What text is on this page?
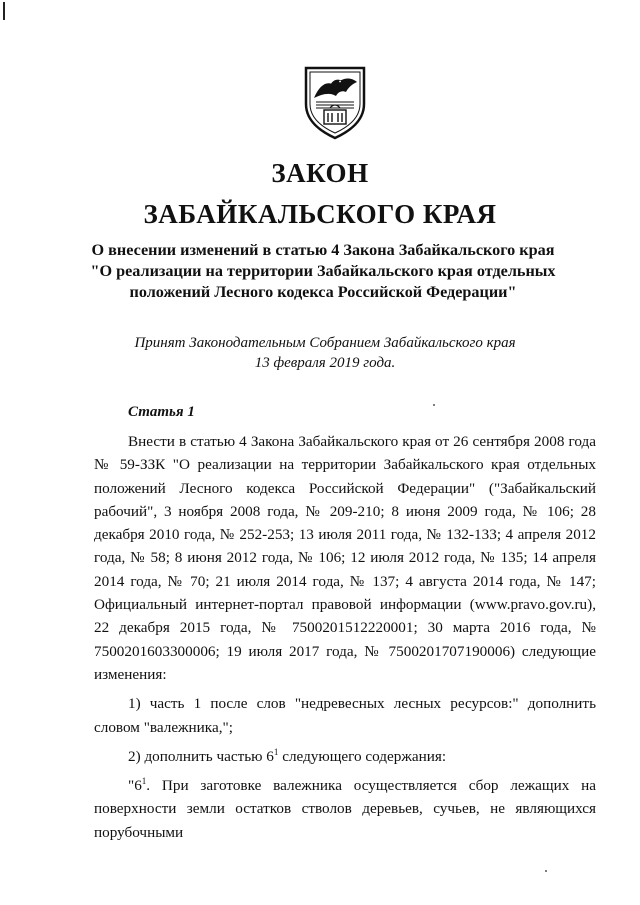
ЗАКОН
ЗАБАЙКАЛЬСКОГО КРАЯ
О внесении изменений в статью 4 Закона Забайкальского края
"О реализации на территории Забайкальского края отдельных
положений Лесного кодекса Российской Федерации"
Принят Законодательным Собранием Забайкальского края
13 февраля 2019 года.
Статья 1

Внести в статью 4 Закона Забайкальского края от 26 сентября 2008 года № 59-ЗЗК "О реализации на территории Забайкальского края отдельных положений Лесного кодекса Российской Федерации" ("Забайкальский рабочий", 3 ноября 2008 года, № 209-210; 8 июня 2009 года, № 106; 28 декабря 2010 года, № 252-253; 13 июля 2011 года, № 132-133; 4 апреля 2012 года, № 58; 8 июня 2012 года, № 106; 12 июля 2012 года, № 135; 14 апреля 2014 года, № 70; 21 июля 2014 года, № 137; 4 августа 2014 года, № 147; Официальный интернет-портал правовой информации (www.pravo.gov.ru), 22 декабря 2015 года, № 7500201512220001; 30 марта 2016 года, № 7500201603300006; 19 июля 2017 года, № 7500201707190006) следующие изменения:

1) часть 1 после слов "недревесных лесных ресурсов:" дополнить словом "валежника,";

2) дополнить частью $6^1$ следующего содержания:

"$6^1$. При заготовке валежника осуществляется сбор лежащих на поверхности земли остатков стволов деревьев, сучьев, не являющихся порубочными
